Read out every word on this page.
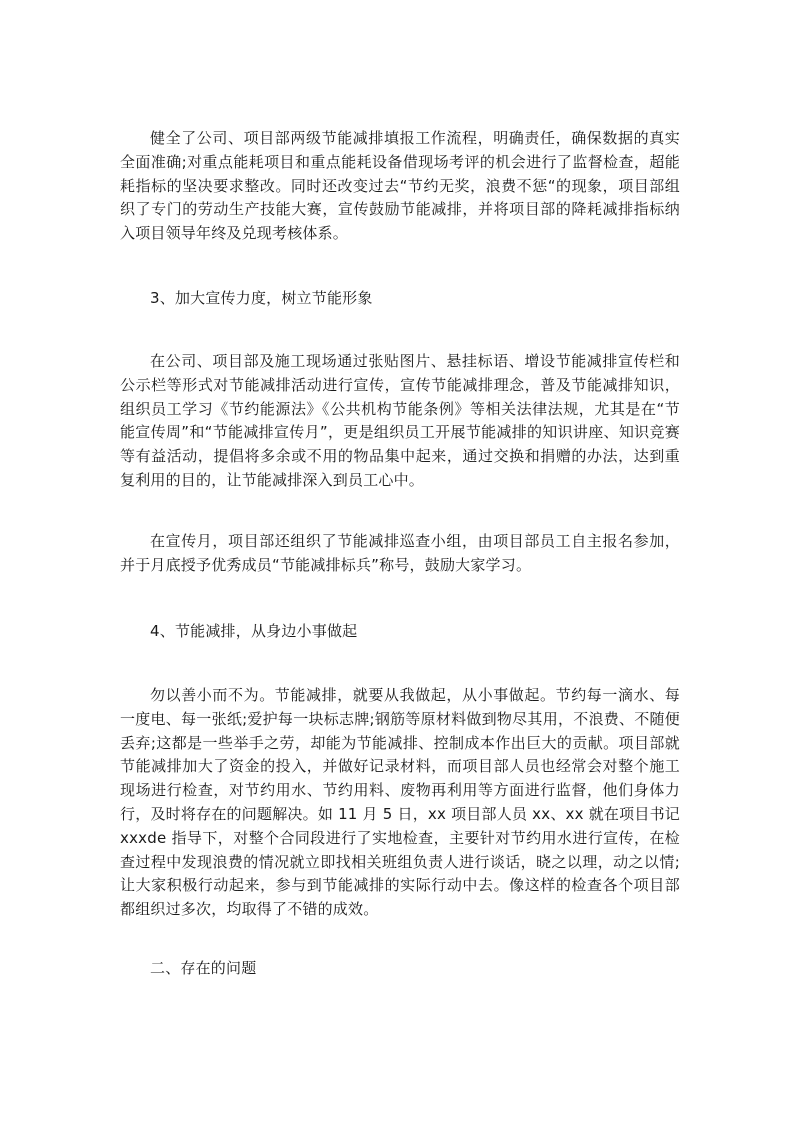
健全了公司、项目部两级节能减排填报工作流程，明确责任，确保数据的真实全面准确;对重点能耗项目和重点能耗设备借现场考评的机会进行了监督检查，超能耗指标的坚决要求整改。同时还改变过去“节约无奖，浪费不惩“的现象，项目部组织了专门的劳动生产技能大赛，宣传鼓励节能减排，并将项目部的降耗减排指标纳入项目领导年终及兑现考核体系。

3、加大宣传力度，树立节能形象

在公司、项目部及施工现场通过张贴图片、悬挂标语、增设节能减排宣传栏和公示栏等形式对节能减排活动进行宣传，宣传节能减排理念，普及节能减排知识，组织员工学习《节约能源法》《公共机构节能条例》等相关法律法规，尤其是在“节能宣传周”和“节能减排宣传月”，更是组织员工开展节能减排的知识讲座、知识竞赛等有益活动，提倡将多余或不用的物品集中起来，通过交换和捐赠的办法，达到重复利用的目的，让节能减排深入到员工心中。

在宣传月，项目部还组织了节能减排巡查小组，由项目部员工自主报名参加，并于月底授予优秀成员“节能减排标兵”称号，鼓励大家学习。

4、节能减排，从身边小事做起

勿以善小而不为。节能减排，就要从我做起，从小事做起。节约每一滴水、每一度电、每一张纸;爱护每一块标志牌;钢筋等原材料做到物尽其用，不浪费、不随便丢弃;这都是一些举手之劳，却能为节能减排、控制成本作出巨大的贡献。项目部就节能减排加大了资金的投入，并做好记录材料，而项目部人员也经常会对整个施工现场进行检查，对节约用水、节约用料、废物再利用等方面进行监督，他们身体力行，及时将存在的问题解决。如 11 月 5 日，xx 项目部人员 xx、xx 就在项目书记 xxxde 指导下，对整个合同段进行了实地检查，主要针对节约用水进行宣传，在检查过程中发现浪费的情况就立即找相关班组负责人进行谈话，晓之以理，动之以情;让大家积极行动起来，参与到节能减排的实际行动中去。像这样的检查各个项目部都组织过多次，均取得了不错的成效。

二、存在的问题
